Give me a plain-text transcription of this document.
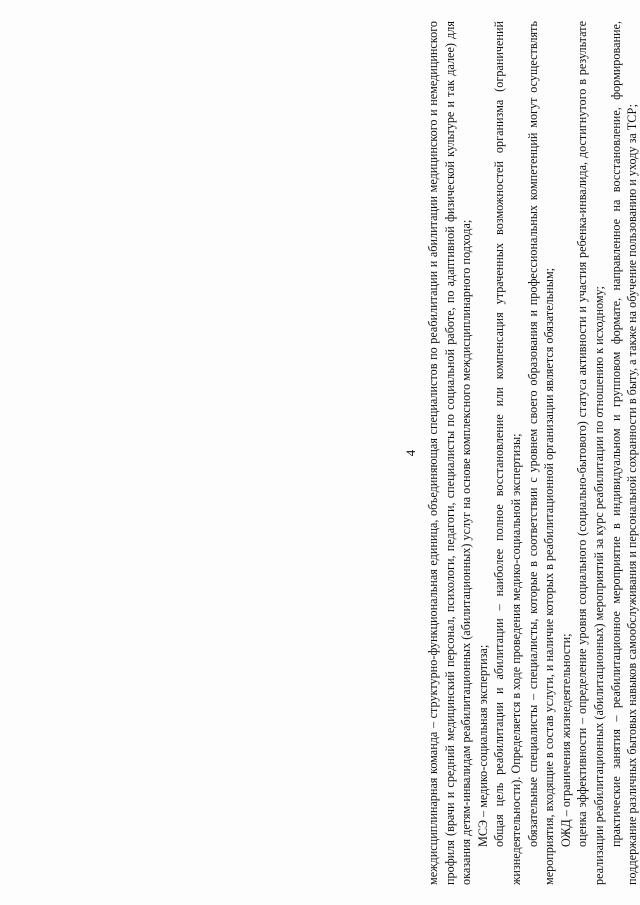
4 междисциплинарная команда – структурно-функциональная единица, объединяющая специалистов по реабилитации и абилитации медицинского и немедицинского профиля (врачи и средний медицинский персонал, психологи, педагоги, специалисты по социальной работе, по адаптивной физической культуре и так далее) для оказания детям-инвалидам реабилитационных (абилитационных) услуг на основе комплексного междисциплинарного подхода; МСЭ – медико-социальная экспертиза; общая цель реабилитации и абилитации – наиболее полное восстановление или компенсация утраченных возможностей организма (ограничений жизнедеятельности). Определяется в ходе проведения медико-социальной экспертизы; обязательные специалисты – специалисты, которые в соответствии с уровнем своего образования и профессиональных компетенций могут осуществлять мероприятия, входящие в состав услуги, и наличие которых в реабилитационной организации является обязательным; ОЖД – ограничения жизнедеятельности; оценка эффективности – определение уровня социального (социально-бытового) статуса активности и участия ребенка-инвалида, достигнутого в результате реализации реабилитационных (абилитационных) мероприятий за курс реабилитации по отношению к исходному; практические занятия – реабилитационное мероприятие в индивидуальном и групповом формате, направленное на восстановление, формирование, поддержание различных бытовых навыков самообслуживания и персональной сохранности в быту, а также на обучение пользованию и уходу за ТСР;
